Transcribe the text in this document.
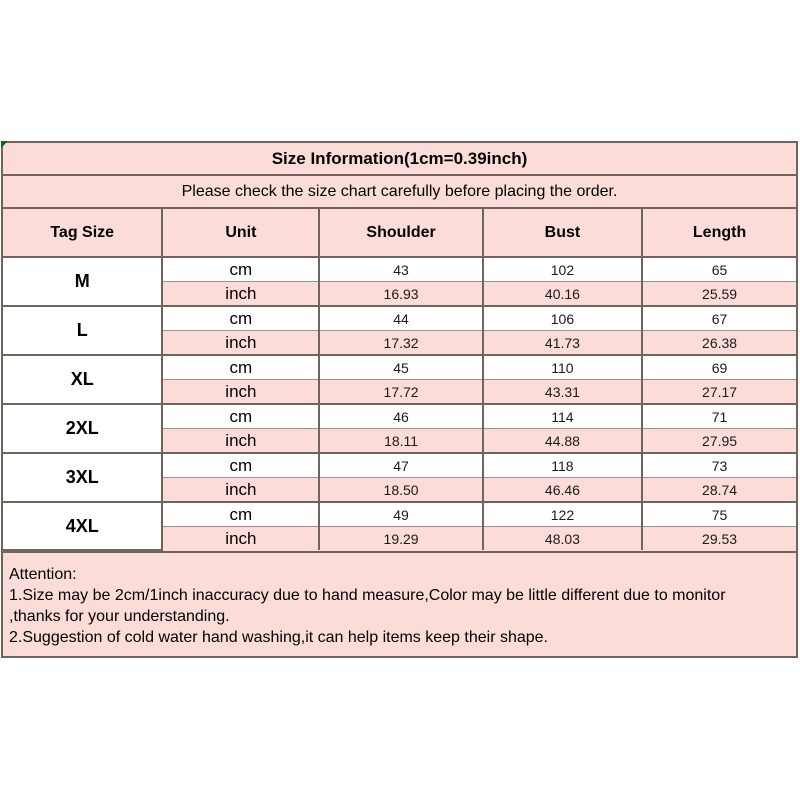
Size Information(1cm=0.39inch)				
Please check the size chart carefully before placing the order.				
Tag Size	Unit	Shoulder	Bust	Length
M	cm	43	102	65
	inch	16.93	40.16	25.59
L	cm	44	106	67
	inch	17.32	41.73	26.38
XL	cm	45	110	69
	inch	17.72	43.31	27.17
2XL	cm	46	114	71
	inch	18.11	44.88	27.95
3XL	cm	47	118	73
	inch	18.50	46.46	28.74
4XL	cm	49	122	75
	inch	19.29	48.03	29.53
Attention:
1.Size may be 2cm/1inch inaccuracy due to hand measure,Color may be little different due to monitor
,thanks for your understanding.
2.Suggestion of cold water hand washing,it can help items keep their shape.
